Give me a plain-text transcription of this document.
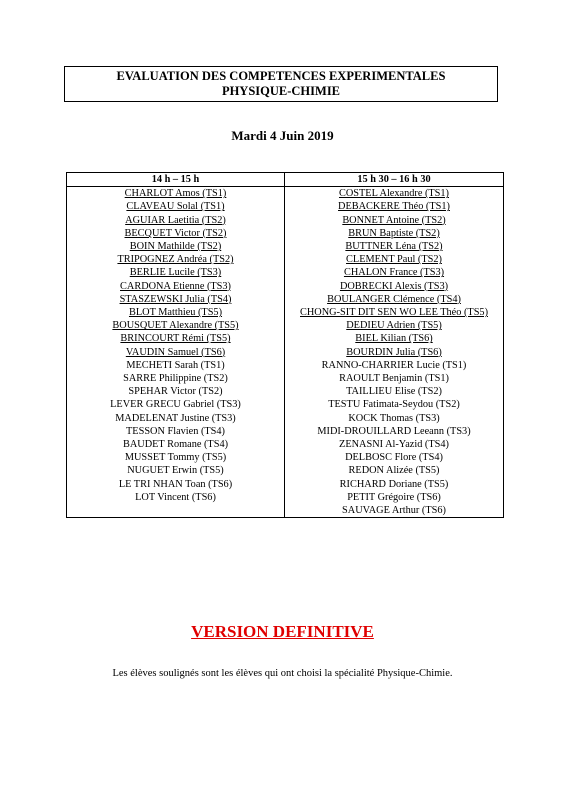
EVALUATION DES COMPETENCES EXPERIMENTALES
PHYSIQUE-CHIMIE
Mardi 4 Juin 2019
14 h – 15 h	15 h 30 – 16 h 30
CHARLOT Amos (TS1)	COSTEL Alexandre (TS1)
CLAVEAU Solal (TS1)	DEBACKERE Théo (TS1)
AGUIAR Laetitia (TS2)	BONNET Antoine (TS2)
BECQUET Victor (TS2)	BRUN Baptiste (TS2)
BOIN Mathilde (TS2)	BUTTNER Léna (TS2)
TRIPOGNEZ Andréa (TS2)	CLEMENT Paul (TS2)
BERLIE Lucile (TS3)	CHALON France (TS3)
CARDONA Etienne (TS3)	DOBRECKI Alexis (TS3)
STASZEWSKI Julia (TS4)	BOULANGER Clémence (TS4)
BLOT Matthieu (TS5)	CHONG-SIT DIT SEN WO LEE Théo (TS5)
BOUSQUET Alexandre (TS5)	DEDIEU Adrien (TS5)
BRINCOURT Rémi (TS5)	BIEL Kilian (TS6)
VAUDIN Samuel (TS6)	BOURDIN Julia (TS6)
MECHETI Sarah (TS1)	RANNO-CHARRIER Lucie (TS1)
SARRE Philippine (TS2)	RAOULT Benjamin (TS1)
SPEHAR Victor (TS2)	TAILLIEU Elise (TS2)
LEVER GRECU Gabriel (TS3)	TESTU Fatimata-Seydou (TS2)
MADELENAT Justine (TS3)	KOCK Thomas (TS3)
TESSON Flavien (TS4)	MIDI-DROUILLARD Leeann (TS3)
BAUDET Romane (TS4)	ZENASNI Al-Yazid (TS4)
MUSSET Tommy (TS5)	DELBOSC Flore (TS4)
NUGUET Erwin (TS5)	REDON Alizée (TS5)
LE TRI NHAN Toan (TS6)	RICHARD Doriane (TS5)
LOT Vincent (TS6)	PETIT Grégoire (TS6)
	SAUVAGE Arthur (TS6)
VERSION DEFINITIVE
Les élèves soulignés sont les élèves qui ont choisi la spécialité Physique-Chimie.
